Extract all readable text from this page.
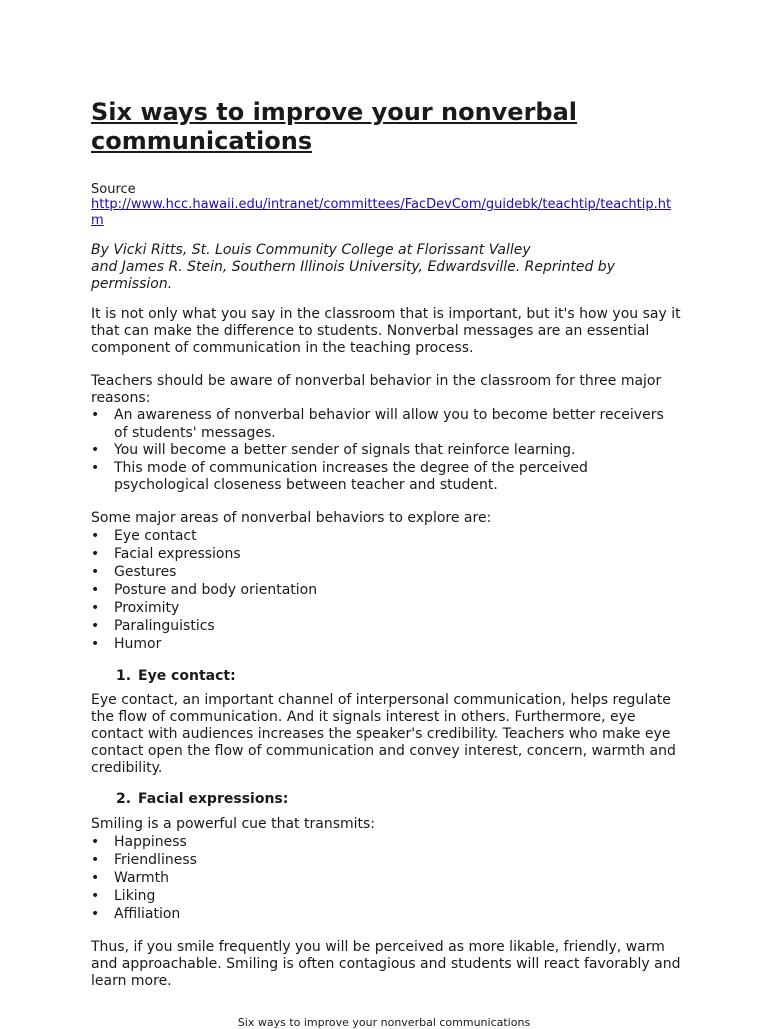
Six ways to improve your nonverbal communications
Source
http://www.hcc.hawaii.edu/intranet/committees/FacDevCom/guidebk/teachtip/teachtip.htm
By Vicki Ritts, St. Louis Community College at Florissant Valley
and James R. Stein, Southern Illinois University, Edwardsville. Reprinted by permission.

It is not only what you say in the classroom that is important, but it's how you say it that can make the difference to students. Nonverbal messages are an essential component of communication in the teaching process.

Teachers should be aware of nonverbal behavior in the classroom for three major reasons:

• An awareness of nonverbal behavior will allow you to become better receivers of students' messages.
• You will become a better sender of signals that reinforce learning.
• This mode of communication increases the degree of the perceived psychological closeness between teacher and student.

Some major areas of nonverbal behaviors to explore are:

• Eye contact
• Facial expressions
• Gestures
• Posture and body orientation
• Proximity
• Paralinguistics
• Humor
1. Eye contact:

Eye contact, an important channel of interpersonal communication, helps regulate the flow of communication. And it signals interest in others. Furthermore, eye contact with audiences increases the speaker's credibility. Teachers who make eye contact open the flow of communication and convey interest, concern, warmth and credibility.

2. Facial expressions:

Smiling is a powerful cue that transmits:

• Happiness
• Friendliness
• Warmth
• Liking
• Affiliation

Thus, if you smile frequently you will be perceived as more likable, friendly, warm and approachable. Smiling is often contagious and students will react favorably and learn more.

Six ways to improve your nonverbal communications
